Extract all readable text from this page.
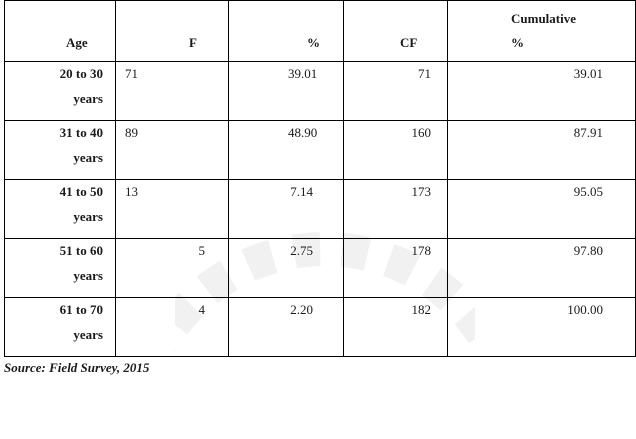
Age	F	%	CF	Cumulative
%

20 to 30
years	71	39.01	71	39.01

31 to 40
years	89	48.90	160	87.91

41 to 50
years	13	7.14	173	95.05

51 to 60
years	5	2.75	178	97.80

61 to 70
years	4	2.20	182	100.00
Source: Field Survey, 2015
